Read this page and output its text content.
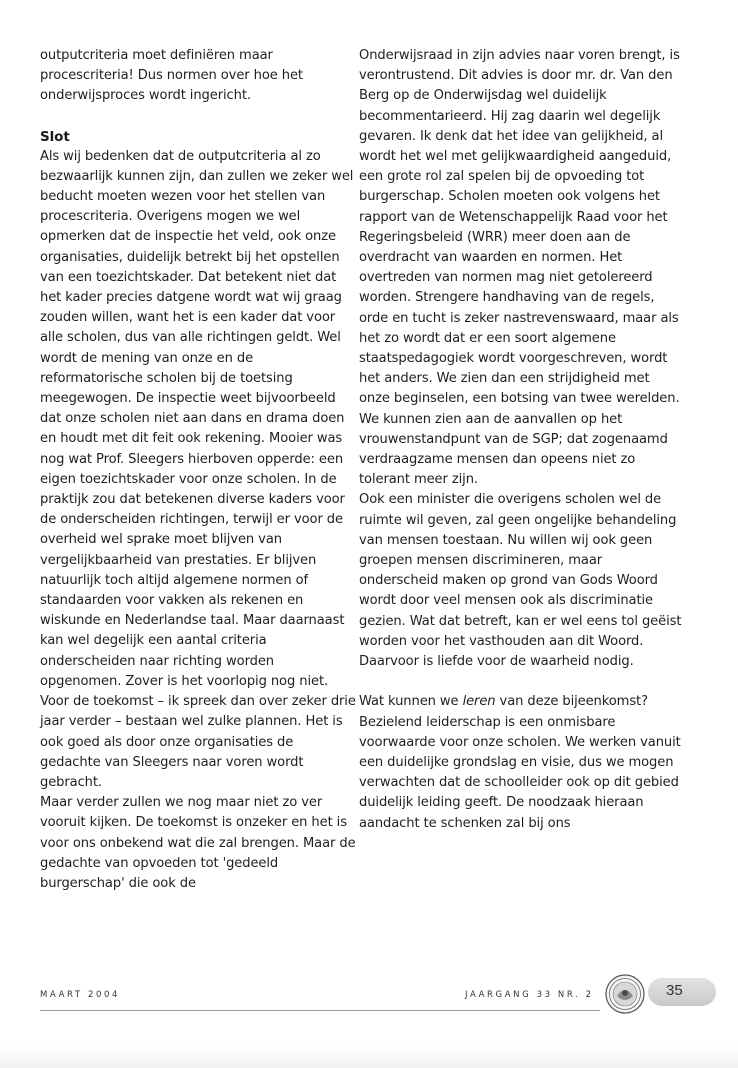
outputcriteria moet definiëren maar procescriteria! Dus normen over hoe het onderwijsproces wordt ingericht.

Slot

Als wij bedenken dat de outputcriteria al zo bezwaarlijk kunnen zijn, dan zullen we zeker wel beducht moeten wezen voor het stellen van procescriteria. Overigens mogen we wel opmerken dat de inspectie het veld, ook onze organisaties, duidelijk betrekt bij het opstellen van een toezichtskader. Dat betekent niet dat het kader precies datgene wordt wat wij graag zouden willen, want het is een kader dat voor alle scholen, dus van alle richtingen geldt. Wel wordt de mening van onze en de reformatorische scholen bij de toetsing meegewogen. De inspectie weet bijvoorbeeld dat onze scholen niet aan dans en drama doen en houdt met dit feit ook rekening. Mooier was nog wat Prof. Sleegers hierboven opperde: een eigen toezichtskader voor onze scholen. In de praktijk zou dat betekenen diverse kaders voor de onderscheiden richtingen, terwijl er voor de overheid wel sprake moet blijven van vergelijkbaarheid van prestaties. Er blijven natuurlijk toch altijd algemene normen of standaarden voor vakken als rekenen en wiskunde en Nederlandse taal. Maar daarnaast kan wel degelijk een aantal criteria onderscheiden naar richting worden opgenomen. Zover is het voorlopig nog niet.

Voor de toekomst – ik spreek dan over zeker drie jaar verder – bestaan wel zulke plannen. Het is ook goed als door onze organisaties de gedachte van Sleegers naar voren wordt gebracht.

Maar verder zullen we nog maar niet zo ver vooruit kijken. De toekomst is onzeker en het is voor ons onbekend wat die zal brengen. Maar de gedachte van opvoeden tot 'gedeeld burgerschap' die ook de

Onderwijsraad in zijn advies naar voren brengt, is verontrustend. Dit advies is door mr. dr. Van den Berg op de Onderwijsdag wel duidelijk becommentarieerd. Hij zag daarin wel degelijk gevaren. Ik denk dat het idee van gelijkheid, al wordt het wel met gelijkwaardigheid aangeduid, een grote rol zal spelen bij de opvoeding tot burgerschap. Scholen moeten ook volgens het rapport van de Wetenschappelijk Raad voor het Regeringsbeleid (WRR) meer doen aan de overdracht van waarden en normen. Het overtreden van normen mag niet getolereerd worden. Strengere handhaving van de regels, orde en tucht is zeker nastrevenswaard, maar als het zo wordt dat er een soort algemene staatspedagogiek wordt voorgeschreven, wordt het anders. We zien dan een strijdigheid met onze beginselen, een botsing van twee werelden. We kunnen zien aan de aanvallen op het vrouwenstandpunt van de SGP; dat zogenaamd verdraagzame mensen dan opeens niet zo tolerant meer zijn.

Ook een minister die overigens scholen wel de ruimte wil geven, zal geen ongelijke behandeling van mensen toestaan. Nu willen wij ook geen groepen mensen discrimineren, maar onderscheid maken op grond van Gods Woord wordt door veel mensen ook als discriminatie gezien. Wat dat betreft, kan er wel eens tol geëist worden voor het vasthouden aan dit Woord. Daarvoor is liefde voor de waarheid nodig.

Wat kunnen we leren van deze bijeenkomst? Bezielend leiderschap is een onmisbare voorwaarde voor onze scholen. We werken vanuit een duidelijke grondslag en visie, dus we mogen verwachten dat de schoolleider ook op dit gebied duidelijk leiding geeft. De noodzaak hieraan aandacht te schenken zal bij ons

MAART 2004	JAARGANG 33 NR. 2	35
